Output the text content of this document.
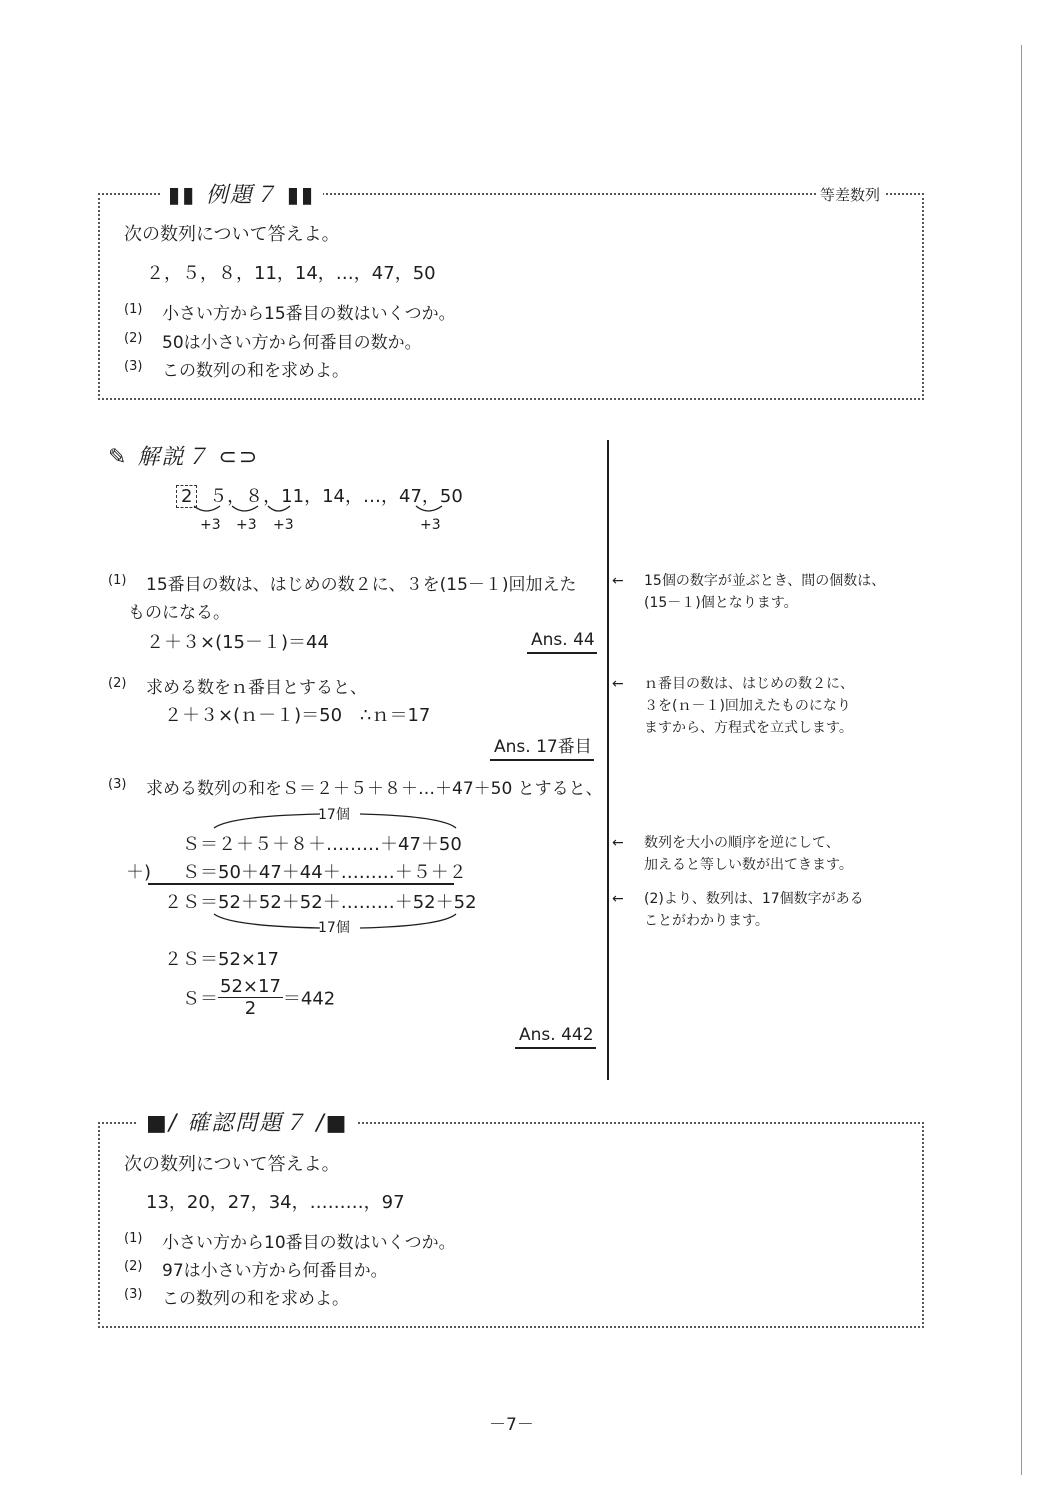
▮▮ 例題７ ▮▮	等差数列
次の数列について答えよ。
２，５，８，11，14，…，47，50
(1) 小さい方から15番目の数はいくつか。
(2) 50は小さい方から何番目の数か。
(3) この数列の和を求めよ。
✎ 解説７ ⊂⊃
2 ５，８，11，14，…，47，50
+3 +3 +3	+3
(1) 15番目の数は、はじめの数２に、３を(15－１)回加えた
ものになる。
２＋３×(15－１)＝44	Ans. 44
← 15個の数字が並ぶとき、間の個数は、
(15－１)個となります。
(2) 求める数をｎ番目とすると、
２＋３×(ｎ－１)＝50　∴ｎ＝17
Ans. 17番目
← ｎ番目の数は、はじめの数２に、
３を(ｎ－１)回加えたものになり
ますから、方程式を立式します。
(3) 求める数列の和をＳ＝２＋５＋８＋…＋47＋50 とすると、
17個
Ｓ＝２＋５＋８＋………＋47＋50
＋) Ｓ＝50＋47＋44＋………＋５＋２
２Ｓ＝52＋52＋52＋………＋52＋52
17個
２Ｓ＝52×17
Ｓ＝ $\frac{52\times 17}{2} =442$
Ans. 442
← 数列を大小の順序を逆にして、
加えると等しい数が出てきます。
← (2)より、数列は、17個数字がある
ことがわかります。
■/ 確認問題７ /■
次の数列について答えよ。
13，20，27，34，………，97
(1) 小さい方から10番目の数はいくつか。
(2) 97は小さい方から何番目か。
(3) この数列の和を求めよ。
－7－
